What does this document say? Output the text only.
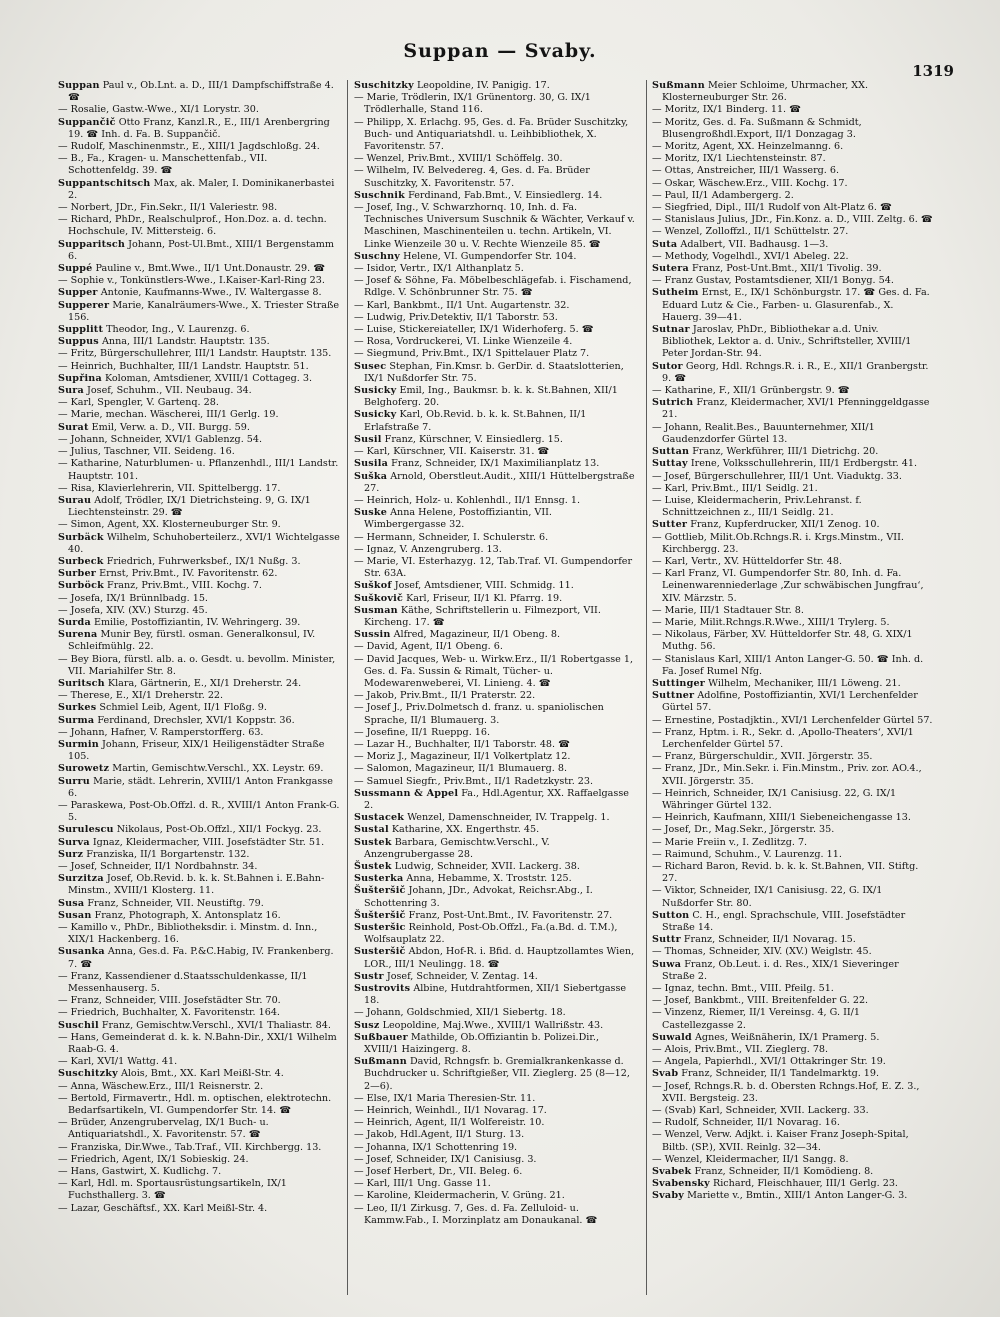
Suppan — Svaby.
1319

Suppan Paul v., Ob.Lnt. a. D., III/1 Dampfschiffstraße 4. ☎

— Rosalie, Gastw.-Wwe., XI/1 Lorystr. 30.

Suppančič Otto Franz, Kanzl.R., E., III/1 Arenbergring 19. ☎ Inh. d. Fa. B. Suppančič.

— Rudolf, Maschinenmstr., E., XIII/1 Jagdschloßg. 24.

— B., Fa., Kragen- u. Manschettenfab., VII. Schottenfeldg. 39. ☎

Suppantschitsch Max, ak. Maler, I. Dominikanerbastei 2.

— Norbert, JDr., Fin.Sekr., II/1 Valeriestr. 98.

— Richard, PhDr., Realschulprof., Hon.Doz. a. d. techn. Hochschule, IV. Mittersteig. 6.

Supparitsch Johann, Post-Ul.Bmt., XIII/1 Bergenstamm 6.

Suppé Pauline v., Bmt.Wwe., II/1 Unt.Donaustr. 29. ☎

— Sophie v., Tonkünstlers-Wwe., I.Kaiser-Karl-Ring 23.

Supper Antonie, Kaufmanns-Wwe., IV. Waltergasse 8.

Supperer Marie, Kanalräumers-Wwe., X. Triester Straße 156.

Supplitt Theodor, Ing., V. Laurenzg. 6.

Suppus Anna, III/1 Landstr. Hauptstr. 135.

— Fritz, Bürgerschullehrer, III/1 Landstr. Hauptstr. 135.

— Heinrich, Buchhalter, III/1 Landstr. Hauptstr. 51.

Supřina Koloman, Amtsdiener, XVIII/1 Cottageg. 3.

Sura Josef, Schuhm., VII. Neubaug. 34.

— Karl, Spengler, V. Gartenq. 28.

— Marie, mechan. Wäscherei, III/1 Gerlg. 19.

Surat Emil, Verw. a. D., VII. Burgg. 59.

— Johann, Schneider, XVI/1 Gablenzg. 54.

— Julius, Taschner, VII. Seideng. 16.

— Katharine, Naturblumen- u. Pflanzenhdl., III/1 Landstr. Hauptstr. 101.

— Risa, Klavierlehrerin, VII. Spittelbergg. 17.

Surau Adolf, Trödler, IX/1 Dietrichsteing. 9, G. IX/1 Liechtensteinstr. 29. ☎

— Simon, Agent, XX. Klosterneuburger Str. 9.

Surbäck Wilhelm, Schuhoberteilerz., XVI/1 Wichtelgasse 40.

Surbeck Friedrich, Fuhrwerksbef., IX/1 Nußg. 3.

Surber Ernst, Priv.Bmt., IV. Favoritenstr. 62.

Surböck Franz, Priv.Bmt., VIII. Kochg. 7.

— Josefa, IX/1 Brünnlbadg. 15.

— Josefa, XIV. (XV.) Sturzg. 45.

Surda Emilie, Postoffiziantin, IV. Wehringerg. 39.

Surena Munir Bey, fürstl. osman. Generalkonsul, IV. Schleifmühlg. 22.

— Bey Biora, fürstl. alb. a. o. Gesdt. u. bevollm. Minister, VII. Mariahilfer Str. 8.

Suritsch Klara, Gärtnerin, E., XI/1 Dreherstr. 24.

— Therese, E., XI/1 Dreherstr. 22.

Surkes Schmiel Leib, Agent, II/1 Floßg. 9.

Surma Ferdinand, Drechsler, XVI/1 Koppstr. 36.

— Johann, Hafner, V. Ramperstorfferg. 63.

Surmin Johann, Friseur, XIX/1 Heiligenstädter Straße 105.

Surowetz Martin, Gemischtw.Verschl., XX. Leystr. 69.

Surru Marie, städt. Lehrerin, XVIII/1 Anton Frankgasse 6.

— Paraskewa, Post-Ob.Offzl. d. R., XVIII/1 Anton Frank-G. 5.

Surulescu Nikolaus, Post-Ob.Offzl., XII/1 Fockyg. 23.

Surva Ignaz, Kleidermacher, VIII. Josefstädter Str. 51.

Surz Franziska, II/1 Borgartenstr. 132.

— Josef, Schneider, II/1 Nordbahnstr. 34.

Surzitza Josef, Ob.Revid. b. k. k. St.Bahnen i. E.Bahn-Minstm., XVIII/1 Klosterg. 11.

Susa Franz, Schneider, VII. Neustiftg. 79.

Susan Franz, Photograph, X. Antonsplatz 16.

— Kamillo v., PhDr., Bibliotheksdir. i. Minstm. d. Inn., XIX/1 Hackenberg. 16.

Susanka Anna, Ges.d. Fa. P.&C.Habig, IV. Frankenberg. 7. ☎

— Franz, Kassendiener d.Staatsschuldenkasse, II/1 Messenhauserg. 5.

— Franz, Schneider, VIII. Josefstädter Str. 70.

— Friedrich, Buchhalter, X. Favoritenstr. 164.

Suschil Franz, Gemischtw.Verschl., XVI/1 Thaliastr. 84.

— Hans, Gemeinderat d. k. k. N.Bahn-Dir., XXI/1 Wilhelm Raab-G. 4.

— Karl, XVI/1 Wattg. 41.

Suschitzky Alois, Bmt., XX. Karl Meißl-Str. 4.

— Anna, Wäschew.Erz., III/1 Reisnerstr. 2.

— Bertold, Firmavertr., Hdl. m. optischen, elektrotechn. Bedarfsartikeln, VI. Gumpendorfer Str. 14. ☎

— Brüder, Anzengrubervelag, IX/1 Buch- u. Antiquariatshdl., X. Favoritenstr. 57. ☎

— Franziska, Dir.Wwe., Tab.Traf., VII. Kirchbergg. 13.

— Friedrich, Agent, IX/1 Sobieskig. 24.

— Hans, Gastwirt, X. Kudlichg. 7.

— Karl, Hdl. m. Sportausrüstungsartikeln, IX/1 Fuchsthallerg. 3. ☎

— Lazar, Geschäftsf., XX. Karl Meißl-Str. 4.

Suschitzky Leopoldine, IV. Panigig. 17.

— Marie, Trödlerin, IX/1 Grünentorg. 30, G. IX/1 Trödlerhalle, Stand 116.

— Philipp, X. Erlachg. 95, Ges. d. Fa. Brüder Suschitzky, Buch- und Antiquariatshdl. u. Leihbibliothek, X. Favoritenstr. 57.

— Wenzel, Priv.Bmt., XVIII/1 Schöffelg. 30.

— Wilhelm, IV. Belvedereg. 4, Ges. d. Fa. Brüder Suschitzky, X. Favoritenstr. 57.

Suschnik Ferdinand, Fab.Bmt., V. Einsiedlerg. 14.

— Josef, Ing., V. Schwarzhornq. 10, Inh. d. Fa. Technisches Universum Suschnik & Wächter, Verkauf v. Maschinen, Maschinenteilen u. techn. Artikeln, VI. Linke Wienzeile 30 u. V. Rechte Wienzeile 85. ☎

Suschny Helene, VI. Gumpendorfer Str. 104.

— Isidor, Vertr., IX/1 Althanplatz 5.

— Josef & Söhne, Fa. Möbelbeschlägefab. i. Fischamend, Rdlge. V. Schönbrunner Str. 75. ☎

— Karl, Bankbmt., II/1 Unt. Augartenstr. 32.

— Ludwig, Priv.Detektiv, II/1 Taborstr. 53.

— Luise, Stickereiateller, IX/1 Widerhoferg. 5. ☎

— Rosa, Vordruckerei, VI. Linke Wienzeile 4.

— Siegmund, Priv.Bmt., IX/1 Spittelauer Platz 7.

Susec Stephan, Fin.Kmsr. b. GerDir. d. Staatslotterien, IX/1 Nußdorfer Str. 75.

Susicky Emil, Ing., Baukmsr. b. k. k. St.Bahnen, XII/1 Belghoferg. 20.

Susicky Karl, Ob.Revid. b. k. k. St.Bahnen, II/1 Erlafstraße 7.

Susil Franz, Kürschner, V. Einsiedlerg. 15.

— Karl, Kürschner, VII. Kaiserstr. 31. ☎

Susila Franz, Schneider, IX/1 Maximilianplatz 13.

Suška Arnold, Oberstleut.Audit., XIII/1 Hüttelbergstraße 27.

— Heinrich, Holz- u. Kohlenhdl., II/1 Ennsg. 1.

Suske Anna Helene, Postoffiziantin, VII. Wimbergergasse 32.

— Hermann, Schneider, I. Schulerstr. 6.

— Ignaz, V. Anzengruberg. 13.

— Marie, VI. Esterhazyg. 12, Tab.Traf. VI. Gumpendorfer Str. 63A.

Suškof Josef, Amtsdiener, VIII. Schmidg. 11.

Suškovič Karl, Friseur, II/1 Kl. Pfarrg. 19.

Susman Käthe, Schriftstellerin u. Filmezport, VII. Kircheng. 17. ☎

Sussin Alfred, Magazineur, II/1 Obeng. 8.

— David, Agent, II/1 Obeng. 6.

— David Jacques, Web- u. Wirkw.Erz., II/1 Robertgasse 1, Ges. d. Fa. Sussin & Rimalt, Tücher- u. Modewarenweberei, VI. Linieng. 4. ☎

— Jakob, Priv.Bmt., II/1 Praterstr. 22.

— Josef J., Priv.Dolmetsch d. franz. u. spaniolischen Sprache, II/1 Blumauerg. 3.

— Josefine, II/1 Rueppg. 16.

— Lazar H., Buchhalter, II/1 Taborstr. 48. ☎

— Moriz J., Magazineur, II/1 Volkertplatz 12.

— Salomon, Magazineur, II/1 Blumauerg. 8.

— Samuel Siegfr., Priv.Bmt., II/1 Radetzkystr. 23.

Sussmann & Appel Fa., Hdl.Agentur, XX. Raffaelgasse 2.

Sustacek Wenzel, Damenschneider, IV. Trappelg. 1.

Sustal Katharine, XX. Engerthstr. 45.

Sustek Barbara, Gemischtw.Verschl., V. Anzengrubergasse 28.

Šustek Ludwig, Schneider, XVII. Lackerg. 38.

Susterka Anna, Hebamme, X. Troststr. 125.

Šušteršič Johann, JDr., Advokat, Reichsr.Abg., I. Schottenring 3.

Šušteršič Franz, Post-Unt.Bmt., IV. Favoritenstr. 27.

Susteršic Reinhold, Post-Ob.Offzl., Fa.(a.Bd. d. T.M.), Wolfsauplatz 22.

Susteršič Abdon, Hof-R. i. Bfid. d. Hauptzollamtes Wien, LOR., III/1 Neulingg. 18. ☎

Sustr Josef, Schneider, V. Zentag. 14.

Sustrovits Albine, Hutdrahtformen, XII/1 Siebertgasse 18.

— Johann, Goldschmied, XII/1 Siebertg. 18.

Susz Leopoldine, Maj.Wwe., XVIII/1 Wallrißstr. 43.

Sußbauer Mathilde, Ob.Offiziantin b. Polizei.Dir., XVIII/1 Haizingerg. 8.

Sußmann David, Rchngsfr. b. Gremialkrankenkasse d. Buchdrucker u. Schriftgießer, VII. Zieglerg. 25 (8—12, 2—6).

— Else, IX/1 Maria Theresien-Str. 11.

— Heinrich, Weinhdl., II/1 Novarag. 17.

— Heinrich, Agent, II/1 Wolfereistr. 10.

— Jakob, Hdl.Agent, II/1 Sturg. 13.

— Johanna, IX/1 Schottenring 19.

— Josef, Schneider, IX/1 Canisiusg. 3.

— Josef Herbert, Dr., VII. Beleg. 6.

— Karl, III/1 Ung. Gasse 11.

— Karoline, Kleidermacherin, V. Grüng. 21.

— Leo, II/1 Zirkusg. 7, Ges. d. Fa. Zelluloid- u. Kammw.Fab., I. Morzinplatz am Donaukanal. ☎

Sußmann Meier Schloime, Uhrmacher, XX. Klosterneuburger Str. 26.

— Moritz, IX/1 Binderg. 11. ☎

— Moritz, Ges. d. Fa. Sußmann & Schmidt, Blusengroßhdl.Export, II/1 Donzagag 3.

— Moritz, Agent, XX. Heinzelmanng. 6.

— Moritz, IX/1 Liechtensteinstr. 87.

— Ottas, Anstreicher, III/1 Wasserg. 6.

— Oskar, Wäschew.Erz., VIII. Kochg. 17.

— Paul, II/1 Adambergerg. 2.

— Siegfried, Dipl., III/1 Rudolf von Alt-Platz 6. ☎

— Stanislaus Julius, JDr., Fin.Konz. a. D., VIII. Zeltg. 6. ☎

— Wenzel, Zolloffzl., II/1 Schüttelstr. 27.

Suta Adalbert, VII. Badhausg. 1—3.

— Methody, Vogelhdl., XVI/1 Abeleg. 22.

Sutera Franz, Post-Unt.Bmt., XII/1 Tivolig. 39.

— Franz Gustav, Postamtsdiener, XII/1 Bonyg. 54.

Sutheim Ernst, E., IX/1 Schönburgstr. 17. ☎ Ges. d. Fa. Eduard Lutz & Cie., Farben- u. Glasurenfab., X. Hauerg. 39—41.

Sutnar Jaroslav, PhDr., Bibliothekar a.d. Univ. Bibliothek, Lektor a. d. Univ., Schriftsteller, XVIII/1 Peter Jordan-Str. 94.

Sutor Georg, Hdl. Rchngs.R. i. R., E., XII/1 Granbergstr. 9. ☎

— Katharine, F., XII/1 Grünbergstr. 9. ☎

Sutrich Franz, Kleidermacher, XVI/1 Pfenninggeldgasse 21.

— Johann, Realit.Bes., Bauunternehmer, XII/1 Gaudenzdorfer Gürtel 13.

Suttan Franz, Werkführer, III/1 Dietrichg. 20.

Suttay Irene, Volksschullehrerin, III/1 Erdbergstr. 41.

— Josef, Bürgerschullehrer, III/1 Unt. Viaduktg. 33.

— Karl, Priv.Bmt., III/1 Seidlg. 21.

— Luise, Kleidermacherin, Priv.Lehranst. f. Schnittzeichnen z., III/1 Seidlg. 21.

Sutter Franz, Kupferdrucker, XII/1 Zenog. 10.

— Gottlieb, Milit.Ob.Rchngs.R. i. Krgs.Minstm., VII. Kirchbergg. 23.

— Karl, Vertr., XV. Hütteldorfer Str. 48.

— Karl Franz, VI. Gumpendorfer Str. 80, Inh. d. Fa. Leinenwarenniederlage ‚Zur schwäbischen Jungfrau‘, XIV. Märzstr. 5.

— Marie, III/1 Stadtauer Str. 8.

— Marie, Milit.Rchngs.R.Wwe., XIII/1 Trylerg. 5.

— Nikolaus, Färber, XV. Hütteldorfer Str. 48, G. XIX/1 Muthg. 56.

— Stanislaus Karl, XIII/1 Anton Langer-G. 50. ☎ Inh. d. Fa. Josef Rumel Nfg.

Suttinger Wilhelm, Mechaniker, III/1 Löweng. 21.

Suttner Adolfine, Postoffiziantin, XVI/1 Lerchenfelder Gürtel 57.

— Ernestine, Postadjktin., XVI/1 Lerchenfelder Gürtel 57.

— Franz, Hptm. i. R., Sekr. d. ‚Apollo-Theaters‘, XVI/1 Lerchenfelder Gürtel 57.

— Franz, Bürgerschuldir., XVII. Jörgerstr. 35.

— Franz, JDr., Min.Sekr. i. Fin.Minstm., Priv. zor. AO.4., XVII. Jörgerstr. 35.

— Heinrich, Schneider, IX/1 Canisiusg. 22, G. IX/1 Währinger Gürtel 132.

— Heinrich, Kaufmann, XIII/1 Siebeneichengasse 13.

— Josef, Dr., Mag.Sekr., Jörgerstr. 35.

— Marie Freiin v., I. Zedlitzg. 7.

— Raimund, Schuhm., V. Laurenzg. 11.

— Richard Baron, Revid. b. k. k. St.Bahnen, VII. Stiftg. 27.

— Viktor, Schneider, IX/1 Canisiusg. 22, G. IX/1 Nußdorfer Str. 80.

Sutton C. H., engl. Sprachschule, VIII. Josefstädter Straße 14.

Suttr Franz, Schneider, II/1 Novarag. 15.

— Thomas, Schneider, XIV. (XV.) Weiglstr. 45.

Suwa Franz, Ob.Leut. i. d. Res., XIX/1 Sieveringer Straße 2.

— Ignaz, techn. Bmt., VIII. Pfeilg. 51.

— Josef, Bankbmt., VIII. Breitenfelder G. 22.

— Vinzenz, Riemer, II/1 Vereinsg. 4, G. II/1 Castellezgasse 2.

Suwald Agnes, Weißnäherin, IX/1 Pramerg. 5.

— Alois, Priv.Bmt., VII. Zieglerg. 78.

— Angela, Papierhdl., XVI/1 Ottakringer Str. 19.

Svab Franz, Schneider, II/1 Tandelmarktg. 19.

— Josef, Rchngs.R. b. d. Obersten Rchngs.Hof, E. Z. 3., XVII. Bergsteig. 23.

— (Svab) Karl, Schneider, XVII. Lackerg. 33.

— Rudolf, Schneider, II/1 Novarag. 16.

— Wenzel, Verw. Adjkt. i. Kaiser Franz Joseph-Spital, Biltb. (SP.), XVII. Reinlg. 32—34.

— Wenzel, Kleidermacher, II/1 Sangg. 8.

Svabek Franz, Schneider, II/1 Komödieng. 8.

Svabensky Richard, Fleischhauer, III/1 Gerlg. 23.

Svaby Mariette v., Bmtin., XIII/1 Anton Langer-G. 3.
